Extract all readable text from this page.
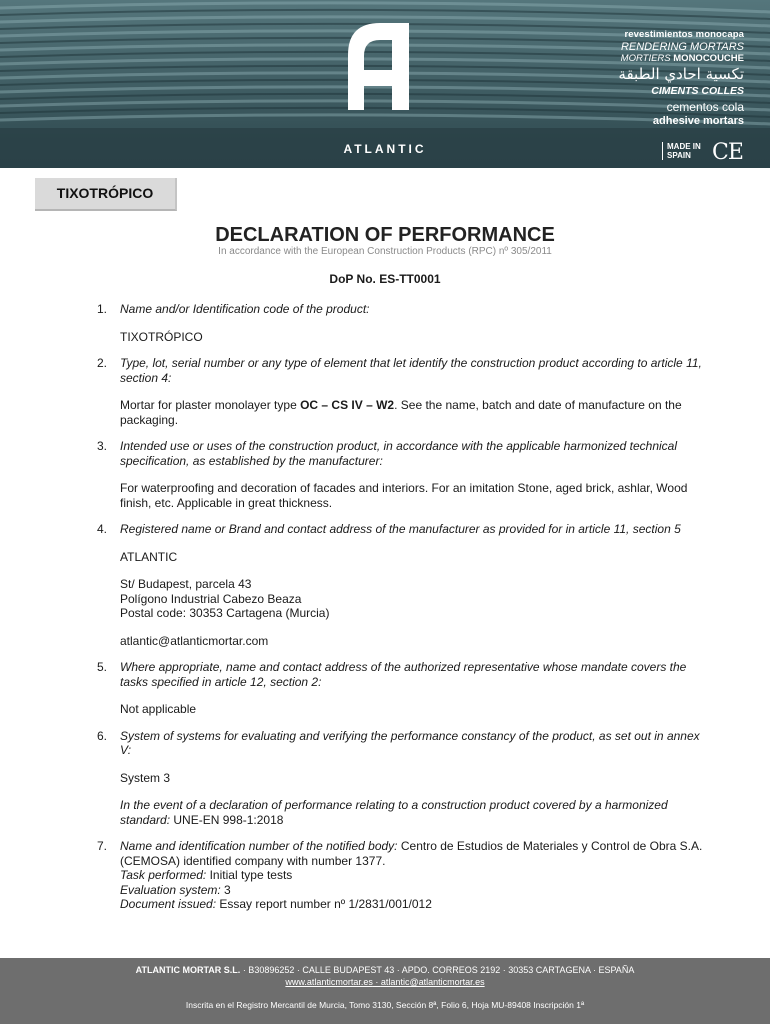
revestimientos monocapa
RENDERING MORTARS
MORTIERS MONOCOUCHE
تكسية احادي الطبقة
CIMENTS COLLES
cementos cola
adhesive mortars
ATLANTIC	MADE IN
SPAIN CE
TIXOTRÓPICO
DECLARATION OF PERFORMANCE
In accordance with the European Construction Products (RPC) nº 305/2011
DoP No. ES-TT0001
1. Name and/or Identification code of the product:
TIXOTRÓPICO
2. Type, lot, serial number or any type of element that let identify the construction product according to article 11, section 4:
Mortar for plaster monolayer type OC – CS IV – W2. See the name, batch and date of manufacture on the packaging.
3. Intended use or uses of the construction product, in accordance with the applicable harmonized technical specification, as established by the manufacturer:
For waterproofing and decoration of facades and interiors. For an imitation Stone, aged brick, ashlar, Wood finish, etc. Applicable in great thickness.
4. Registered name or Brand and contact address of the manufacturer as provided for in article 11, section 5
ATLANTIC
St/ Budapest, parcela 43
Polígono Industrial Cabezo Beaza
Postal code: 30353 Cartagena (Murcia)
atlantic@atlanticmortar.com
5. Where appropriate, name and contact address of the authorized representative whose mandate covers the tasks specified in article 12, section 2:
Not applicable
6. System of systems for evaluating and verifying the performance constancy of the product, as set out in annex V:
System 3
In the event of a declaration of performance relating to a construction product covered by a harmonized standard: UNE-EN 998-1:2018
7. Name and identification number of the notified body: Centro de Estudios de Materiales y Control de Obra S.A. (CEMOSA) identified company with number 1377.
Task performed: Initial type tests
Evaluation system: 3
Document issued: Essay report number nº 1/2831/001/012
ATLANTIC MORTAR S.L. · B30896252 · CALLE BUDAPEST 43 · APDO. CORREOS 2192 · 30353 CARTAGENA · ESPAÑA
www.atlanticmortar.es · atlantic@atlanticmortar.es
Inscrita en el Registro Mercantil de Murcia, Tomo 3130, Sección 8ª, Folio 6, Hoja MU-89408 Inscripción 1ª
